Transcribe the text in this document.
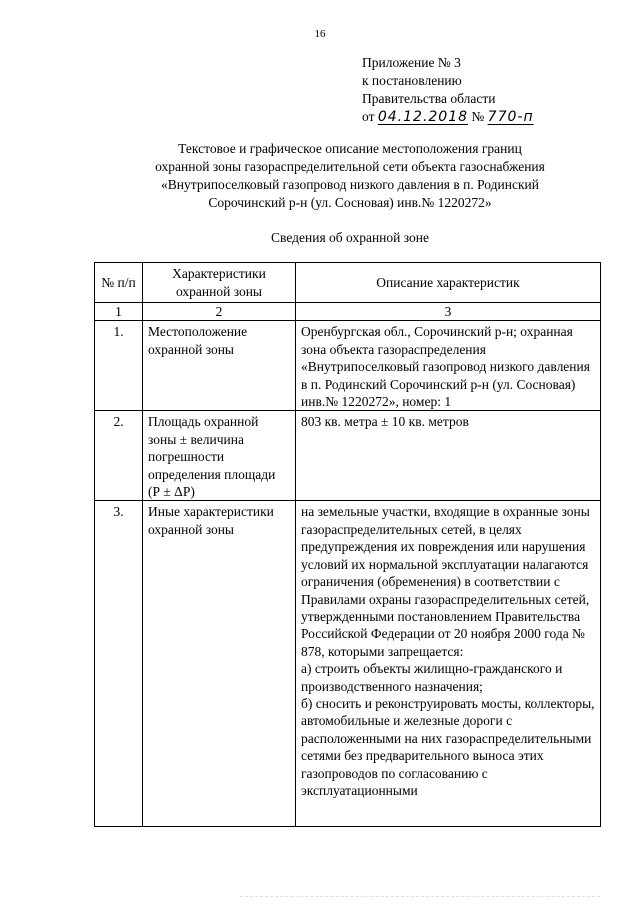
16
Приложение № 3
к постановлению
Правительства области
от 04.12.2018 № 770-п
Текстовое и графическое описание местоположения границ
охранной зоны газораспределительной сети объекта газоснабжения
«Внутрипоселковый газопровод низкого давления в п. Родинский
Сорочинский р-н (ул. Сосновая) инв.№ 1220272»
Сведения об охранной зоне
№ п/п	Характеристики охранной зоны	Описание характеристик
1	2	3
1.	Местоположение охранной зоны	Оренбургская обл., Сорочинский р-н; охранная зона объекта газораспределения «Внутрипоселковый газопровод низкого давления в п. Родинский Сорочинский р-н (ул. Сосновая) инв.№ 1220272», номер: 1
2.	Площадь охранной зоны ± величина погрешности определения площади (Р ± ΔР)	803 кв. метра ± 10 кв. метров
3.	Иные характеристики охранной зоны	на земельные участки, входящие в охранные зоны газораспределительных сетей, в целях предупреждения их повреждения или нарушения условий их нормальной эксплуатации налагаются ограничения (обременения) в соответствии с Правилами охраны газораспределительных сетей, утвержденными постановлением Правительства Российской Федерации от 20 ноября 2000 года № 878, которыми запрещается:
а) строить объекты жилищно-гражданского и производственного назначения;
б) сносить и реконструировать мосты, коллекторы, автомобильные и железные дороги с расположенными на них газораспределительными сетями без предварительного выноса этих газопроводов по согласованию с эксплуатационными
